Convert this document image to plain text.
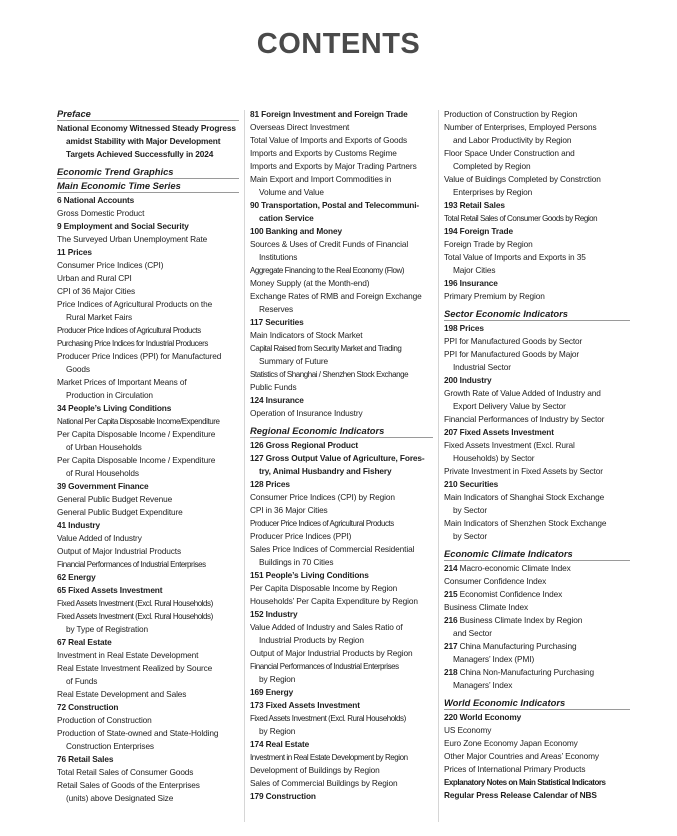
CONTENTS
Preface
National Economy Witnessed Steady Progress
amidst Stability with Major Development
Targets Achieved Successfully in 2024
Economic Trend Graphics
Main Economic Time Series
6 National Accounts
Gross Domestic Product
9 Employment and Social Security
The Surveyed Urban Unemployment Rate
11 Prices
Consumer Price Indices (CPI)
Urban and Rural CPI
CPI of 36 Major Cities
Price Indices of Agricultural Products on the
Rural Market Fairs
Producer Price Indices of Agricultural Products
Purchasing Price Indices for Industrial Producers
Producer Price Indices (PPI) for Manufactured
Goods
Market Prices of Important Means of
Production in Circulation
34 People’s Living Conditions
National Per Capita Disposable Income/Expenditure
Per Capita Disposable Income / Expenditure
of Urban Households
Per Capita Disposable Income / Expenditure
of Rural Households
39 Government Finance
General Public Budget Revenue
General Public Budget Expenditure
41 Industry
Value Added of Industry
Output of Major Industrial Products
Financial Performances of Industrial Enterprises
62 Energy
65 Fixed Assets Investment
Fixed Assets Investment (Excl. Rural Households)
Fixed Assets Investment (Excl. Rural Households)
by Type of Registration
67 Real Estate
Investment in Real Estate Development
Real Estate Investment Realized by Source
of Funds
Real Estate Development and Sales
72 Construction
Production of Construction
Production of State-owned and State-Holding
Construction Enterprises
76 Retail Sales
Total Retail Sales of Consumer Goods
Retail Sales of Goods of the Enterprises
(units) above Designated Size
81 Foreign Investment and Foreign Trade
Overseas Direct Investment
Total Value of Imports and Exports of Goods
Imports and Exports by Customs Regime
Imports and Exports by Major Trading Partners
Main Export and Import Commodities in
Volume and Value
90 Transportation, Postal and Telecommuni-
cation Service
100 Banking and Money
Sources & Uses of Credit Funds of Financial
Institutions
Aggregate Financing to the Real Economy (Flow)
Money Supply (at the Month-end)
Exchange Rates of RMB and Foreign Exchange
Reserves
117 Securities
Main Indicators of Stock Market
Capital Raised from Security Market and Trading
Summary of Future
Statistics of Shanghai / Shenzhen Stock Exchange
Public Funds
124 Insurance
Operation of Insurance Industry
Regional Economic Indicators
126 Gross Regional Product
127 Gross Output Value of Agriculture, Fores-
try, Animal Husbandry and Fishery
128 Prices
Consumer Price Indices (CPI) by Region
CPI in 36 Major Cities
Producer Price Indices of Agricultural Products
Producer Price Indices (PPI)
Sales Price Indices of Commercial Residential
Buildings in 70 Cities
151 People’s Living Conditions
Per Capita Disposable Income by Region
Households’ Per Capita Expenditure by Region
152 Industry
Value Added of Industry and Sales Ratio of
Industrial Products by Region
Output of Major Industrial Products by Region
Financial Performances of Industrial Enterprises
by Region
169 Energy
173 Fixed Assets Investment
Fixed Assets Investment (Excl. Rural Households)
by Region
174 Real Estate
Investment in Real Estate Development by Region
Development of Buildings by Region
Sales of Commercial Buildings by Region
179 Construction
Production of Construction by Region
Number of Enterprises, Employed Persons
and Labor Productivity by Region
Floor Space Under Construction and
Completed by Region
Value of Buidings Completed by Constrction
Enterprises by Region
193 Retail Sales
Total Retail Sales of Consumer Goods by Region
194 Foreign Trade
Foreign Trade by Region
Total Value of Imports and Exports in 35
Major Cities
196 Insurance
Primary Premium by Region
Sector Economic Indicators
198 Prices
PPI for Manufactured Goods by Sector
PPI for Manufactured Goods by Major
Industrial Sector
200 Industry
Growth Rate of Value Added of Industry and
Export Delivery Value by Sector
Financial Performances of Industry by Sector
207 Fixed Assets Investment
Fixed Assets Investment (Excl. Rural
Households) by Sector
Private Investment in Fixed Assets by Sector
210 Securities
Main Indicators of Shanghai Stock Exchange
by Sector
Main Indicators of Shenzhen Stock Exchange
by Sector
Economic Climate Indicators
214 Macro-economic Climate Index
Consumer Confidence Index
215 Economist Confidence Index
Business Climate Index
216 Business Climate Index by Region
and Sector
217 China Manufacturing Purchasing
Managers’ Index (PMI)
218 China Non-Manufacturing Purchasing
Managers’ Index
World Economic Indicators
220 World Economy
US Economy
Euro Zone Economy Japan Economy
Other Major Countries and Areas’ Economy
Prices of International Primary Products
Explanatory Notes on Main Statistical Indicators
Regular Press Release Calendar of NBS
